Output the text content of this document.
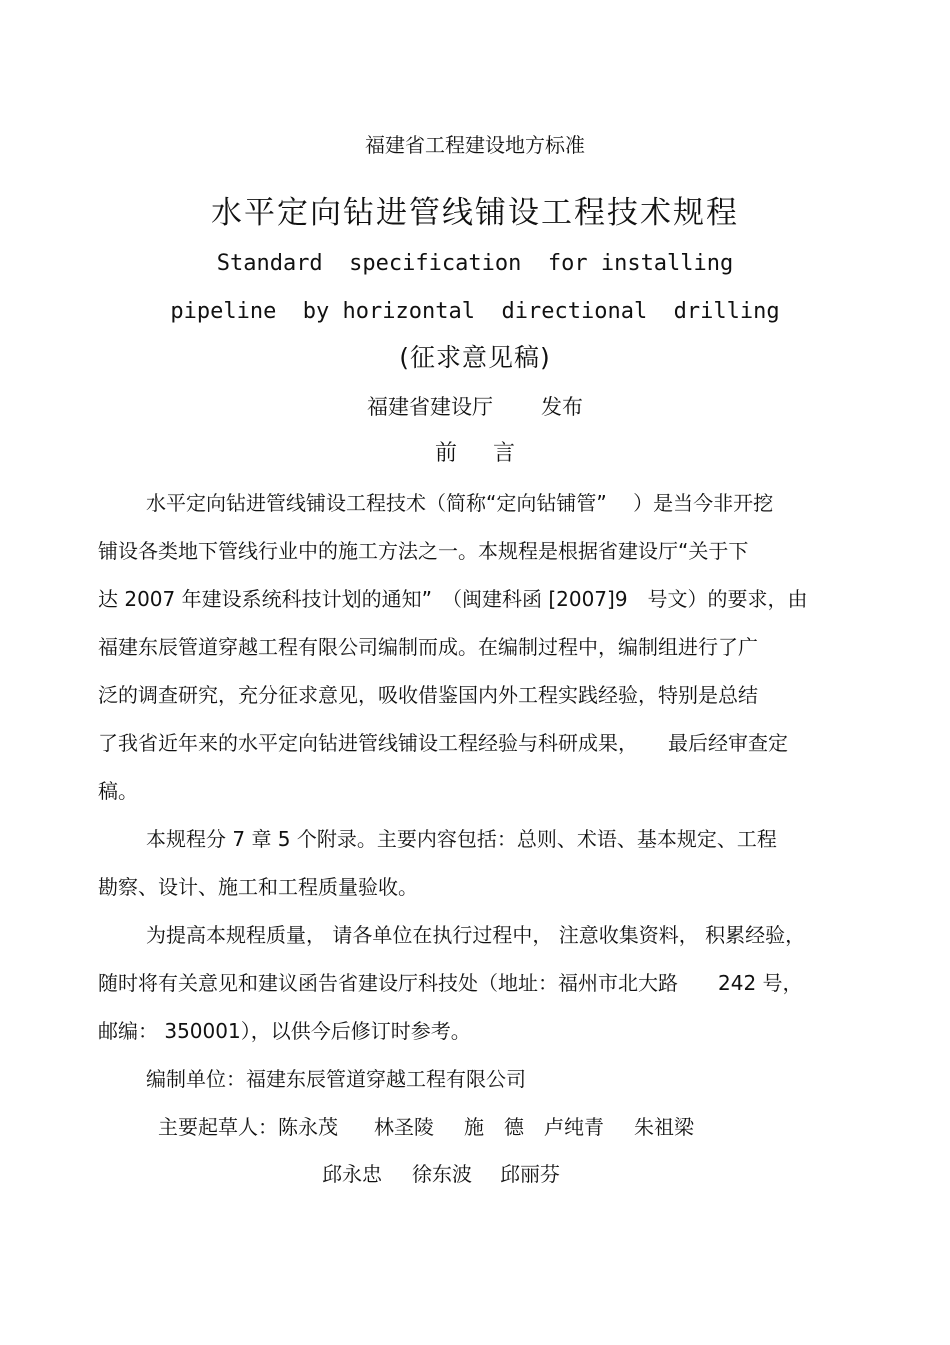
福建省工程建设地方标准
水平定向钻进管线铺设工程技术规程
Standard  specification  for installing
pipeline  by horizontal  directional  drilling
(征求意见稿)
福建省建设厅 发布
前 言
水平定向钻进管线铺设工程技术（简称“定向钻铺管”　 ）是当今非开挖
铺设各类地下管线行业中的施工方法之一。本规程是根据省建设厅“关于下
达 2007 年建设系统科技计划的通知”　（闽建科函 [2007]9　号文）的要求，由
福建东辰管道穿越工程有限公司编制而成。在编制过程中，编制组进行了广
泛的调查研究，充分征求意见，吸收借鉴国内外工程实践经验，特别是总结
了我省近年来的水平定向钻进管线铺设工程经验与科研成果，　　最后经审查定
稿。
本规程分 7 章 5 个附录。主要内容包括：总则、术语、基本规定、工程
勘察、设计、施工和工程质量验收。
为提高本规程质量， 请各单位在执行过程中， 注意收集资料， 积累经验，
随时将有关意见和建议函告省建设厅科技处（地址：福州市北大路　　242 号，
邮编： 350001），以供今后修订时参考。
编制单位：福建东辰管道穿越工程有限公司
主要起草人：陈永茂 林圣陵 施　德 卢纯青 朱祖梁
邱永忠 徐东波 邱丽芬
